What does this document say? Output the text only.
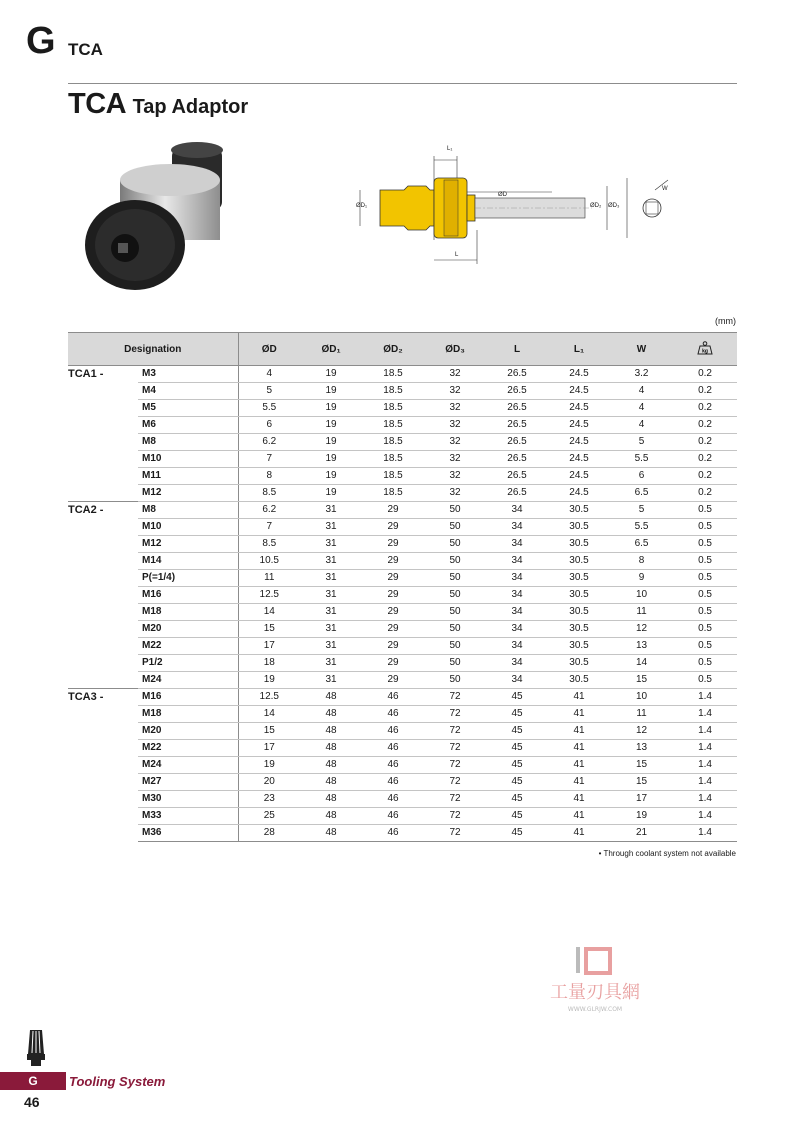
G TCA
TCA Tap Adaptor
L₁
L
ØD
ØD₁	ØD₂ ØD₃
W
(mm)
Designation		ØD	ØD₁	ØD₂	ØD₃	L	L₁	W	kg

TCA1 -	M3	4	19	18.5	32	26.5	24.5	3.2	0.2
	M4	5	19	18.5	32	26.5	24.5	4	0.2
	M5	5.5	19	18.5	32	26.5	24.5	4	0.2
	M6	6	19	18.5	32	26.5	24.5	4	0.2
	M8	6.2	19	18.5	32	26.5	24.5	5	0.2
	M10	7	19	18.5	32	26.5	24.5	5.5	0.2
	M11	8	19	18.5	32	26.5	24.5	6	0.2
	M12	8.5	19	18.5	32	26.5	24.5	6.5	0.2
TCA2 -	M8	6.2	31	29	50	34	30.5	5	0.5
	M10	7	31	29	50	34	30.5	5.5	0.5
	M12	8.5	31	29	50	34	30.5	6.5	0.5
	M14	10.5	31	29	50	34	30.5	8	0.5
	P(=1/4)	11	31	29	50	34	30.5	9	0.5
	M16	12.5	31	29	50	34	30.5	10	0.5
	M18	14	31	29	50	34	30.5	11	0.5
	M20	15	31	29	50	34	30.5	12	0.5
	M22	17	31	29	50	34	30.5	13	0.5
	P1/2	18	31	29	50	34	30.5	14	0.5
	M24	19	31	29	50	34	30.5	15	0.5
TCA3 -	M16	12.5	48	46	72	45	41	10	1.4
	M18	14	48	46	72	45	41	11	1.4
	M20	15	48	46	72	45	41	12	1.4
	M22	17	48	46	72	45	41	13	1.4
	M24	19	48	46	72	45	41	15	1.4
	M27	20	48	46	72	45	41	15	1.4
	M30	23	48	46	72	45	41	17	1.4
	M33	25	48	46	72	45	41	19	1.4
	M36	28	48	46	72	45	41	21	1.4
• Through coolant system not available
工量刃具網
WWW.GLRJW.COM
G	Tooling System
46
